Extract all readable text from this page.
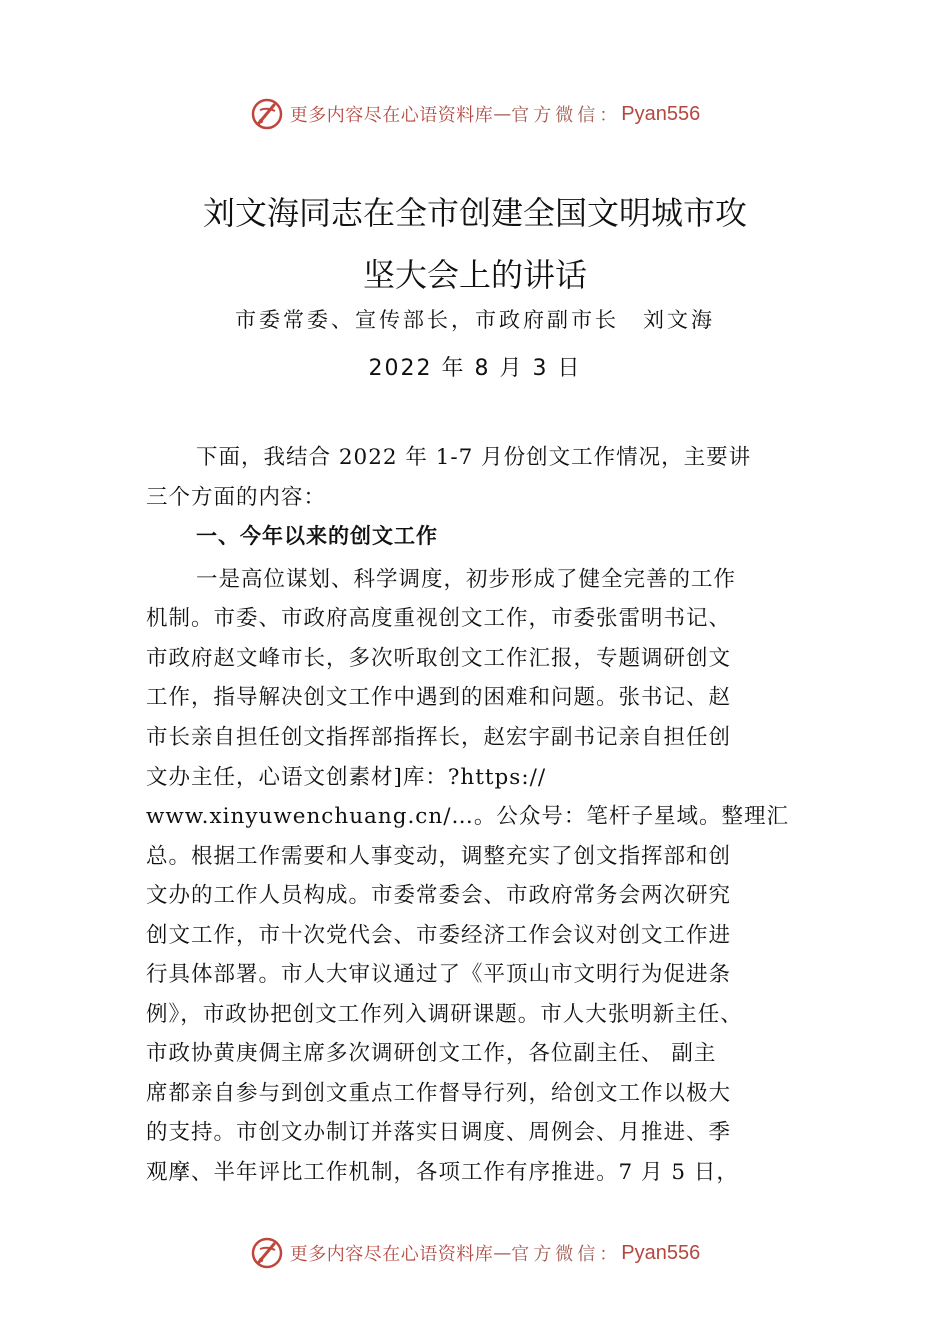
更多内容尽在心语资料库 — 官方微信： Pyan556
刘文海同志在全市创建全国文明城市攻
坚大会上的讲话
市委常委、宣传部长，市政府副市长　刘文海
2022 年 8 月 3 日
下面，我结合 2022 年 1-7 月份创文工作情况，主要讲
三个方面的内容：
一、今年以来的创文工作
一是高位谋划、科学调度，初步形成了健全完善的工作
机制。市委、市政府高度重视创文工作，市委张雷明书记、
市政府赵文峰市长，多次听取创文工作汇报，专题调研创文
工作，指导解决创文工作中遇到的困难和问题。张书记、赵
市长亲自担任创文指挥部指挥长，赵宏宇副书记亲自担任创
文办主任，心语文创素材]库：?https://
www.xinyuwenchuang.cn/…。公众号：笔杆子星域。整理汇
总。根据工作需要和人事变动，调整充实了创文指挥部和创
文办的工作人员构成。市委常委会、市政府常务会两次研究
创文工作，市十次党代会、市委经济工作会议对创文工作进
行具体部署。市人大审议通过了《平顶山市文明行为促进条
例》，市政协把创文工作列入调研课题。市人大张明新主任、
市政协黄庚倜主席多次调研创文工作，各位副主任、 副主
席都亲自参与到创文重点工作督导行列，给创文工作以极大
的支持。市创文办制订并落实日调度、周例会、月推进、季
观摩、半年评比工作机制，各项工作有序推进。7 月 5 日，
更多内容尽在心语资料库 — 官方微信： Pyan556
